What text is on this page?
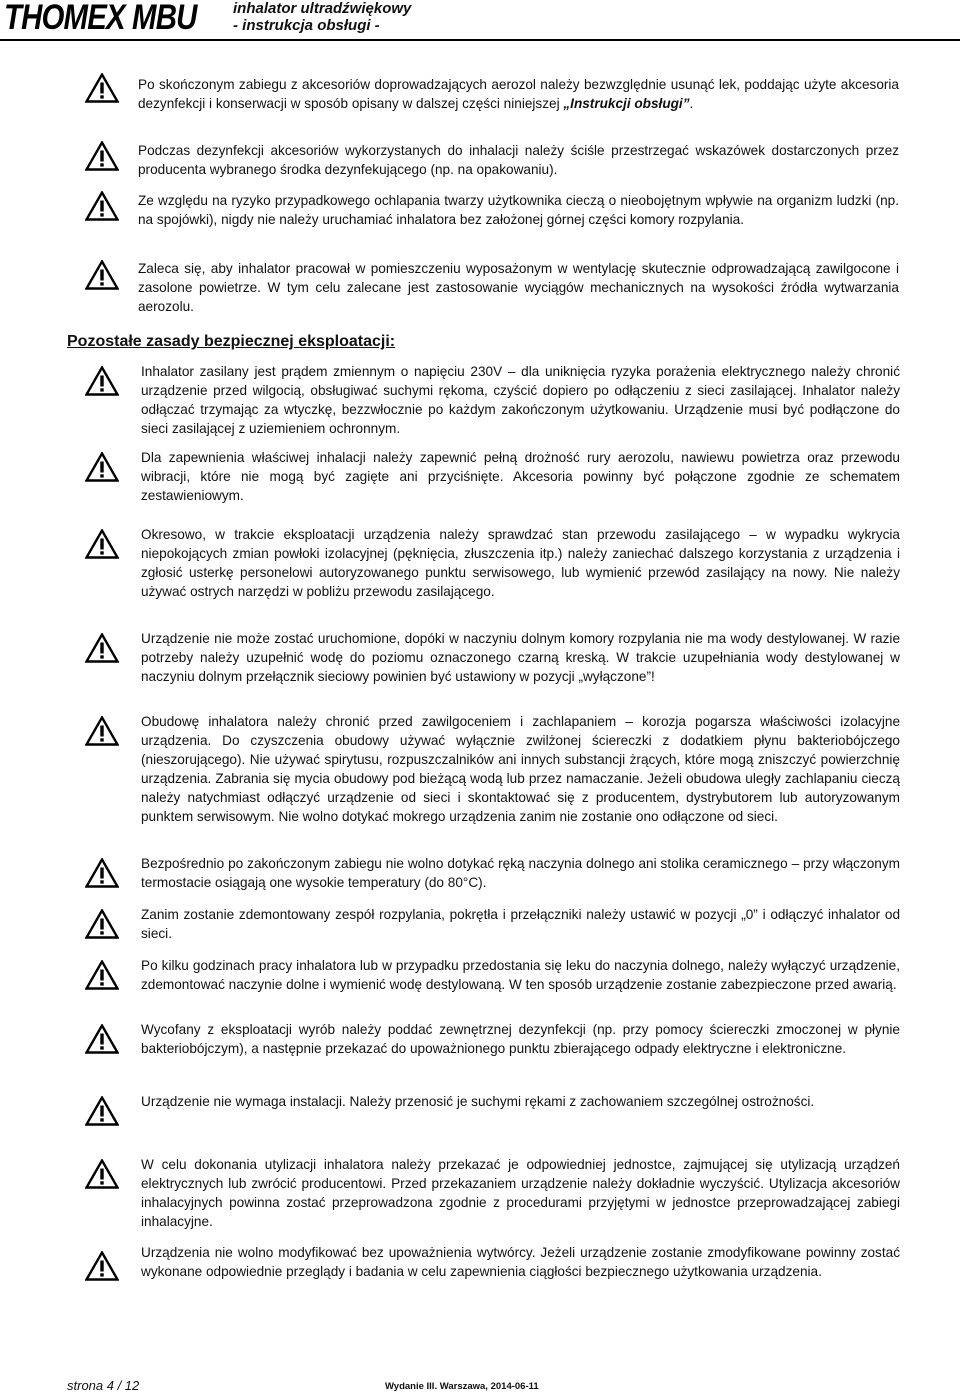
THOMEX MBU inhalator ultradźwiękowy
- instrukcja obsługi -
Po skończonym zabiegu z akcesoriów doprowadzających aerozol należy bezwzględnie usunąć lek, poddając użyte akcesoria dezynfekcji i konserwacji w sposób opisany w dalszej części niniejszej „Instrukcji obsługi”.
Podczas dezynfekcji akcesoriów wykorzystanych do inhalacji należy ściśle przestrzegać wskazówek dostarczonych przez producenta wybranego środka dezynfekującego (np. na opakowaniu).
Ze względu na ryzyko przypadkowego ochlapania twarzy użytkownika cieczą o nieobojętnym wpływie na organizm ludzki (np. na spojówki), nigdy nie należy uruchamiać inhalatora bez założonej górnej części komory rozpylania.
Zaleca się, aby inhalator pracował w pomieszczeniu wyposażonym w wentylację skutecznie odprowadzającą zawilgocone i zasolone powietrze. W tym celu zalecane jest zastosowanie wyciągów mechanicznych na wysokości źródła wytwarzania aerozolu.
Pozostałe zasady bezpiecznej eksploatacji:
Inhalator zasilany jest prądem zmiennym o napięciu 230V – dla uniknięcia ryzyka porażenia elektrycznego należy chronić urządzenie przed wilgocią, obsługiwać suchymi rękoma, czyścić dopiero po odłączeniu z sieci zasilającej. Inhalator należy odłączać trzymając za wtyczkę, bezzwłocznie po każdym zakończonym użytkowaniu. Urządzenie musi być podłączone do sieci zasilającej z uziemieniem ochronnym.
Dla zapewnienia właściwej inhalacji należy zapewnić pełną drożność rury aerozolu, nawiewu powietrza oraz przewodu wibracji, które nie mogą być zagięte ani przyciśnięte. Akcesoria powinny być połączone zgodnie ze schematem zestawieniowym.
Okresowo, w trakcie eksploatacji urządzenia należy sprawdzać stan przewodu zasilającego – w wypadku wykrycia niepokojących zmian powłoki izolacyjnej (pęknięcia, złuszczenia itp.) należy zaniechać dalszego korzystania z urządzenia i zgłosić usterkę personelowi autoryzowanego punktu serwisowego, lub wymienić przewód zasilający na nowy. Nie należy używać ostrych narzędzi w pobliżu przewodu zasilającego.
Urządzenie nie może zostać uruchomione, dopóki w naczyniu dolnym komory rozpylania nie ma wody destylowanej. W razie potrzeby należy uzupełnić wodę do poziomu oznaczonego czarną kreską. W trakcie uzupełniania wody destylowanej w naczyniu dolnym przełącznik sieciowy powinien być ustawiony w pozycji „wyłączone”!
Obudowę inhalatora należy chronić przed zawilgoceniem i zachlapaniem – korozja pogarsza właściwości izolacyjne urządzenia. Do czyszczenia obudowy używać wyłącznie zwilżonej ściereczki z dodatkiem płynu bakteriobójczego (nieszorującego). Nie używać spirytusu, rozpuszczalników ani innych substancji żrących, które mogą zniszczyć powierzchnię urządzenia. Zabrania się mycia obudowy pod bieżącą wodą lub przez namaczanie. Jeżeli obudowa uległy zachlapaniu cieczą należy natychmiast odłączyć urządzenie od sieci i skontaktować się z producentem, dystrybutorem lub autoryzowanym punktem serwisowym. Nie wolno dotykać mokrego urządzenia zanim nie zostanie ono odłączone od sieci.
Bezpośrednio po zakończonym zabiegu nie wolno dotykać ręką naczynia dolnego ani stolika ceramicznego – przy włączonym termostacie osiągają one wysokie temperatury (do 80°C).
Zanim zostanie zdemontowany zespół rozpylania, pokrętła i przełączniki należy ustawić w pozycji „0” i odłączyć inhalator od sieci.
Po kilku godzinach pracy inhalatora lub w przypadku przedostania się leku do naczynia dolnego, należy wyłączyć urządzenie, zdemontować naczynie dolne i wymienić wodę destylowaną. W ten sposób urządzenie zostanie zabezpieczone przed awarią.
Wycofany z eksploatacji wyrób należy poddać zewnętrznej dezynfekcji (np. przy pomocy ściereczki zmoczonej w płynie bakteriobójczym), a następnie przekazać do upoważnionego punktu zbierającego odpady elektryczne i elektroniczne.
Urządzenie nie wymaga instalacji. Należy przenosić je suchymi rękami z zachowaniem szczególnej ostrożności.
W celu dokonania utylizacji inhalatora należy przekazać je odpowiedniej jednostce, zajmującej się utylizacją urządzeń elektrycznych lub zwrócić producentowi. Przed przekazaniem urządzenie należy dokładnie wyczyścić. Utylizacja akcesoriów inhalacyjnych powinna zostać przeprowadzona zgodnie z procedurami przyjętymi w jednostce przeprowadzającej zabiegi inhalacyjne.
Urządzenia nie wolno modyfikować bez upoważnienia wytwórcy. Jeżeli urządzenie zostanie zmodyfikowane powinny zostać wykonane odpowiednie przeglądy i badania w celu zapewnienia ciągłości bezpiecznego użytkowania urządzenia.
strona 4 / 12	Wydanie III. Warszawa, 2014-06-11
